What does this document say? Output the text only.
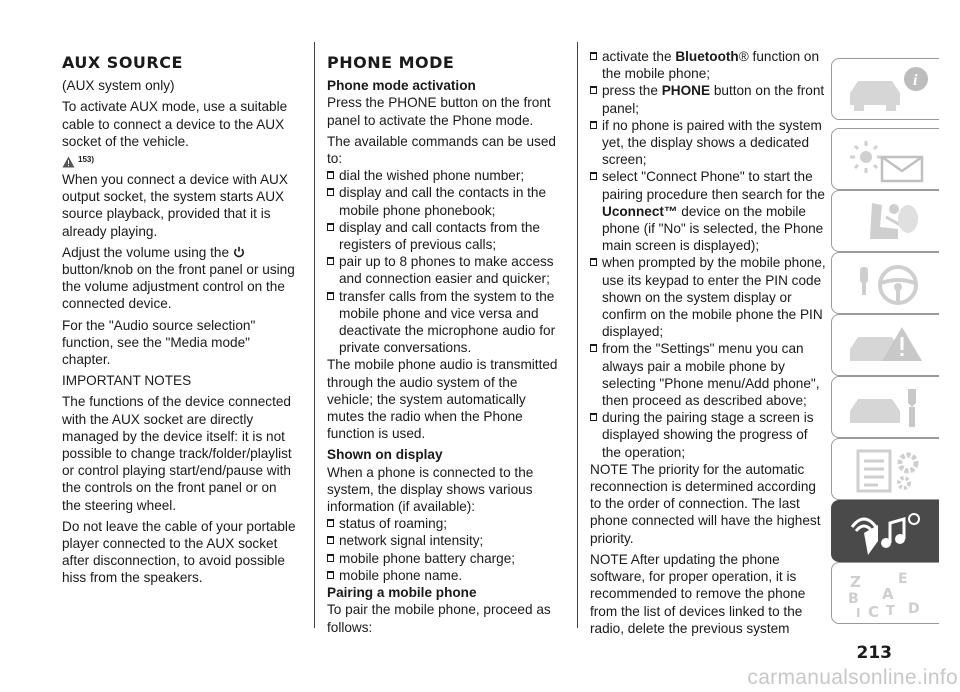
AUX SOURCE

(AUX system only)

To activate AUX mode, use a suitable cable to connect a device to the AUX socket of the vehicle.

153)

When you connect a device with AUX output socket, the system starts AUX source playback, provided that it is already playing.

Adjust the volume using the  button/knob on the front panel or using the volume adjustment control on the connected device.

For the "Audio source selection" function, see the "Media mode" chapter.

IMPORTANT NOTES

The functions of the device connected with the AUX socket are directly managed by the device itself: it is not possible to change track/folder/playlist or control playing start/end/pause with the controls on the front panel or on the steering wheel.

Do not leave the cable of your portable player connected to the AUX socket after disconnection, to avoid possible hiss from the speakers.

PHONE MODE
Phone mode activation

Press the PHONE button on the front panel to activate the Phone mode.

The available commands can be used to:

dial the wished phone number;
display and call the contacts in the mobile phone phonebook;
display and call contacts from the registers of previous calls;
pair up to 8 phones to make access and connection easier and quicker;
transfer calls from the system to the mobile phone and vice versa and deactivate the microphone audio for private conversations.

The mobile phone audio is transmitted through the audio system of the vehicle; the system automatically mutes the radio when the Phone function is used.

Shown on display

When a phone is connected to the system, the display shows various information (if available):

status of roaming;
network signal intensity;
mobile phone battery charge;
mobile phone name.
Pairing a mobile phone

To pair the mobile phone, proceed as follows:

activate the Bluetooth® function on the mobile phone;
press the PHONE button on the front panel;
if no phone is paired with the system yet, the display shows a dedicated screen;
select "Connect Phone" to start the pairing procedure then search for the Uconnect™ device on the mobile phone (if "No" is selected, the Phone main screen is displayed);
when prompted by the mobile phone, use its keypad to enter the PIN code shown on the system display or confirm on the mobile phone the PIN displayed;
from the "Settings" menu you can always pair a mobile phone by selecting "Phone menu/Add phone", then proceed as described above;
during the pairing stage a screen is displayed showing the progress of the operation;

NOTE The priority for the automatic reconnection is determined according to the order of connection. The last phone connected will have the highest priority.

NOTE After updating the phone software, for proper operation, it is recommended to remove the phone from the list of devices linked to the radio, delete the previous system

i
Z	E
A
B
C T D
I
213
carmanualsonline.info
